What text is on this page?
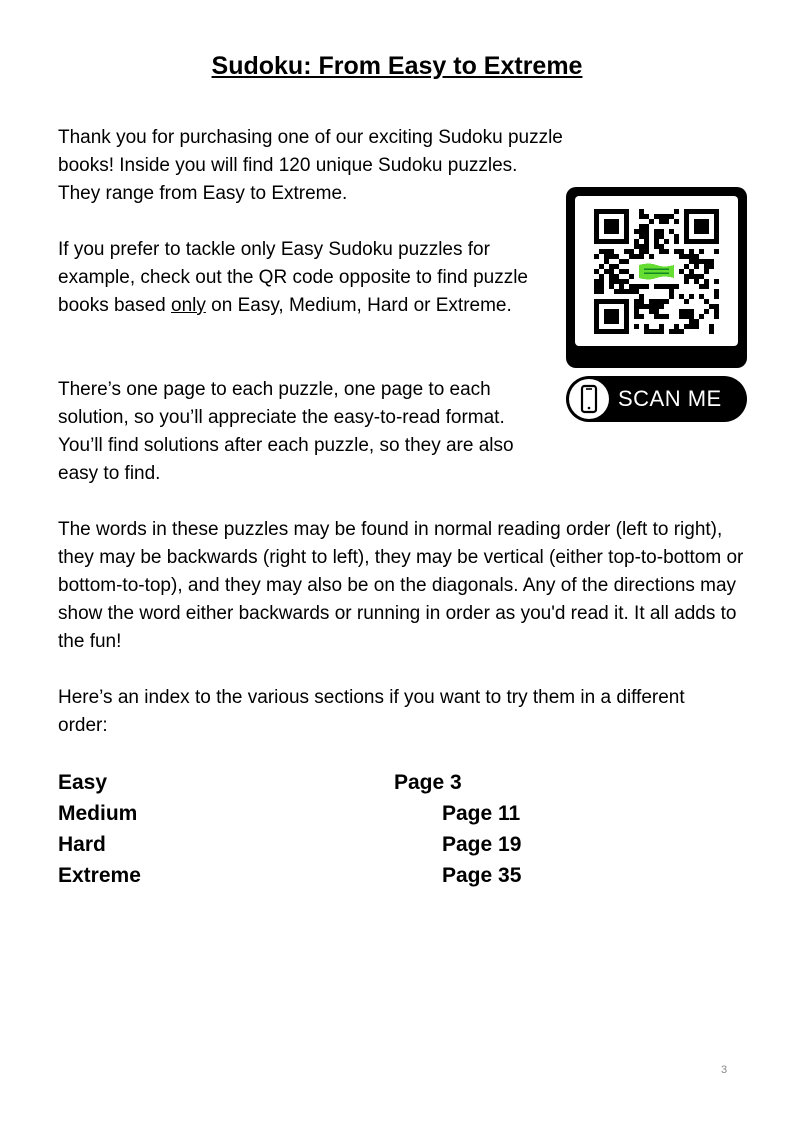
Sudoku: From Easy to Extreme

Thank you for purchasing one of our exciting Sudoku puzzle books! Inside you will find 120 unique Sudoku puzzles. They range from Easy to Extreme.

If you prefer to tackle only Easy Sudoku puzzles for example, check out the QR code opposite to find puzzle books based only on Easy, Medium, Hard or Extreme.

There’s one page to each puzzle, one page to each solution, so you’ll appreciate the easy-to-read format. You’ll find solutions after each puzzle, so they are also easy to find.

The words in these puzzles may be found in normal reading order (left to right), they may be backwards (right to left), they may be vertical (either top-to-bottom or bottom-to-top), and they may also be on the diagonals. Any of the directions may show the word either backwards or running in order as you'd read it. It all adds to the fun!

Here’s an index to the various sections if you want to try them in a different order:

SCAN ME
Easy	Page 3
Medium	Page 11
Hard	Page 19
Extreme	Page 35
3
